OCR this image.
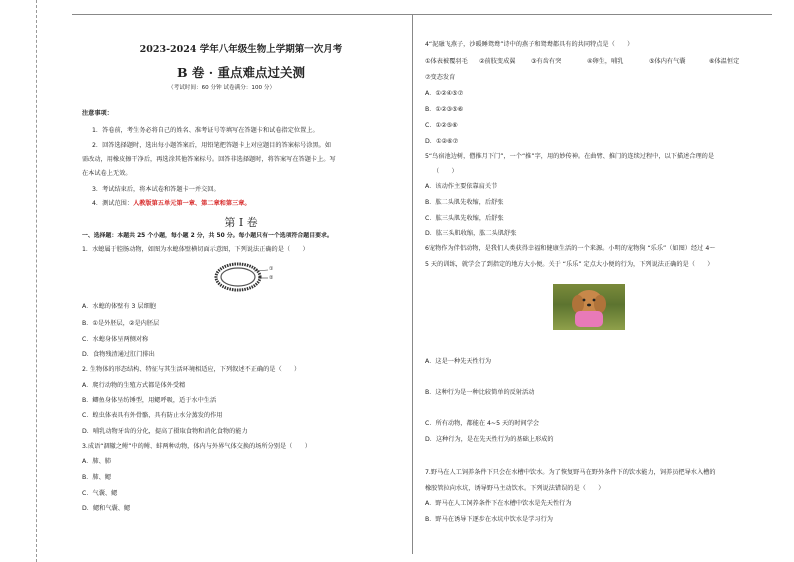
2023-2024 学年八年级生物上学期第一次月考
B 卷 · 重点难点过关测
（考试时间：60 分钟 试卷满分：100 分）
注意事项：
1．答卷前，考生务必将自己的姓名、准考证号等填写在答题卡和试卷指定位置上。
2．回答选择题时，选出每小题答案后，用铅笔把答题卡上对应题目的答案标号涂黑。如
需改动，用橡皮擦干净后，再选涂其他答案标号。回答非选择题时，将答案写在答题卡上。写
在本试卷上无效。
3．考试结束后，将本试卷和答题卡一并交回。
4．测试范围：人教版第五单元第一章、第二章和第三章。
第 I 卷
一、选择题：本题共 25 个小题，每小题 2 分，共 50 分。每小题只有一个选项符合题目要求。
1．水螅属于腔肠动物，如图为水螅体壁横切面示意图，下列说法正确的是（　　）
①
②
A．水螅的体壁有 3 层细胞
B．①是外胚层，②是内胚层
C．水螅身体呈两侧对称
D．食物残渣通过肛门排出
2. 生物体的形态结构、特征与其生活环境相适应，下列叙述不正确的是（　　）
A．爬行动物的生殖方式都是体外受精
B．鲫鱼身体呈纺锤型，用鳃呼吸，适于水中生活
C．蝗虫体表具有外骨骼，具有防止水分蒸发的作用
D．哺乳动物牙齿的分化，提高了摄取食物和消化食物的能力
3.成语“涸辙之鲋”中的鲋、蚌两种动物，体内与外界气体交换的场所分别是（　　）
A．肺、肺
B．肺、鳃
C．气囊、鳃
D．鳃和气囊、鳃
4“泥融飞燕子，沙暖睡鸳鸯”诗中的燕子和鸳鸯都具有的共同特点是（　　）
①体表被覆羽毛 ②前肢变成翼	③有齿有突	④卵生，哺乳	⑤体内有气囊	⑥体温恒定
⑦变态发育
A．①②④⑤⑦
B．①②③⑤⑥
C．①②⑤⑥
D．①②⑥⑦
5“鸟宿池边树，僧推月下门”，一个“推”字，用的妙传神。在曲臂、推门的连续过程中，以下描述合理的是
（　　）
A．该动作主要依靠肩关节
B．肱二头肌先收缩，后舒张
C．肱三头肌先收缩，后舒张
D．肱三头肌收缩，肱二头肌舒张
6宠物作为伴侣动物，是我们人类获得幸福和健康生活的一个来源。小明的宠物狗 “乐乐”（如图）经过 4～
5 天的训练，就学会了到指定的地方大小便。关于 “乐乐” 定点大小便的行为，下列说法正确的是（　　）
A．这是一种先天性行为
B．这种行为是一种比较简单的反射活动
C．所有动物，都能在 4~5 天的时间学会
D．这种行为，是在先天性行为的基础上形成的
7.野马在人工饲养条件下只会在水槽中饮水。为了恢复野马在野外条件下的饮水能力，饲养员把导水入槽的
橡胶管拉向水坑，诱导野马主动饮水。下列说法错误的是（　　）
A．野马在人工饲养条件下在水槽中饮水是先天性行为
B．野马在诱导下逐步在水坑中饮水是学习行为
